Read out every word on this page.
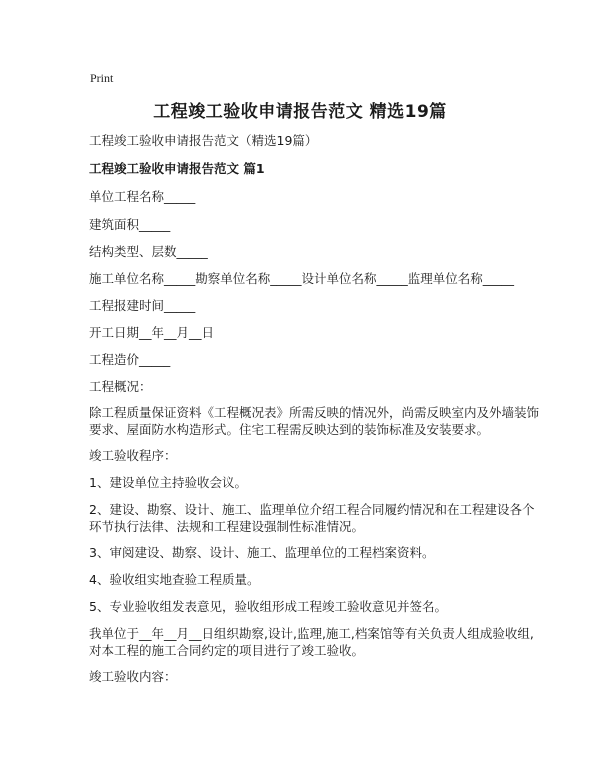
Print
工程竣工验收申请报告范文 精选19篇
工程竣工验收申请报告范文（精选19篇）
工程竣工验收申请报告范文 篇1
单位工程名称_____
建筑面积_____
结构类型、层数_____
施工单位名称_____勘察单位名称_____设计单位名称_____监理单位名称_____
工程报建时间_____
开工日期__年__月__日
工程造价_____
工程概况：
除工程质量保证资料《工程概况表》所需反映的情况外，尚需反映室内及外墙装饰
要求、屋面防水构造形式。住宅工程需反映达到的装饰标准及安装要求。
竣工验收程序：
1、建设单位主持验收会议。
2、建设、勘察、设计、施工、监理单位介绍工程合同履约情况和在工程建设各个
环节执行法律、法规和工程建设强制性标准情况。
3、审阅建设、勘察、设计、施工、监理单位的工程档案资料。
4、验收组实地查验工程质量。
5、专业验收组发表意见，验收组形成工程竣工验收意见并签名。
我单位于__年__月__日组织勘察,设计,监理,施工,档案馆等有关负责人组成验收组,
对本工程的施工合同约定的项目进行了竣工验收。
竣工验收内容：
